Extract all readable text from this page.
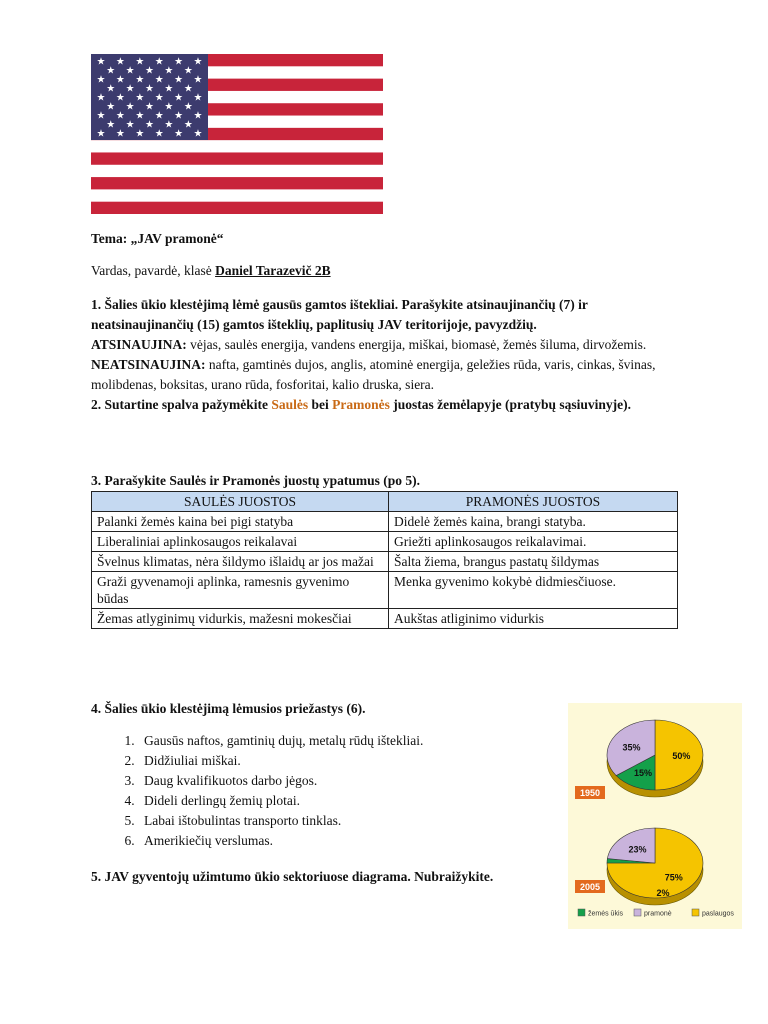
★ ★ ★ ★ ★ ★
★ ★ ★ ★ ★
★ ★ ★ ★ ★ ★
★ ★ ★ ★ ★
★ ★ ★ ★ ★ ★
★ ★ ★ ★ ★
★ ★ ★ ★ ★ ★
★ ★ ★ ★ ★
★ ★ ★ ★ ★ ★
Tema: „JAV pramonė“
Vardas, pavardė, klasė Daniel Tarazevič 2B
1. Šalies ūkio klestėjimą lėmė gausūs gamtos ištekliai. Parašykite atsinaujinančių (7) ir neatsinaujinančių (15) gamtos išteklių, paplitusių JAV teritorijoje, pavyzdžių.
ATSINAUJINA: vėjas, saulės energija, vandens energija, miškai, biomasė, žemės šiluma, dirvožemis.
NEATSINAUJINA: nafta, gamtinės dujos, anglis, atominė energija, geležies rūda, varis, cinkas, švinas, molibdenas, boksitas, urano rūda, fosforitai, kalio druska, siera.
2. Sutartine spalva pažymėkite Saulės bei Pramonės juostas žemėlapyje (pratybų sąsiuvinyje).
3. Parašykite Saulės ir Pramonės juostų ypatumus (po 5).
SAULĖS JUOSTOS	PRAMONĖS JUOSTOS
Palanki žemės kaina bei pigi statyba	Didelė žemės kaina, brangi statyba.
Liberaliniai aplinkosaugos reikalavai	Griežti aplinkosaugos reikalavimai.
Švelnus klimatas, nėra šildymo išlaidų ar jos mažai	Šalta žiema, brangus pastatų šildymas
Graži gyvenamoji aplinka, ramesnis gyvenimo būdas	Menka gyvenimo kokybė didmiesčiuose.
Žemas atlyginimų vidurkis, mažesni mokesčiai	Aukštas atliginimo vidurkis
4. Šalies ūkio klestėjimą lėmusios priežastys (6).
1. Gausūs naftos, gamtinių dujų, metalų rūdų ištekliai.
2. Didžiuliai miškai.
3. Daug kvalifikuotos darbo jėgos.
4. Dideli derlingų žemių plotai.
5. Labai ištobulintas transporto tinklas.
6. Amerikiečių verslumas.
5. JAV gyventojų užimtumo ūkio sektoriuose diagrama. Nubraižykite.
50%
15%
35%
1950
75%
2%
23%
2005
žemės ūkis	pramonė	paslaugos
